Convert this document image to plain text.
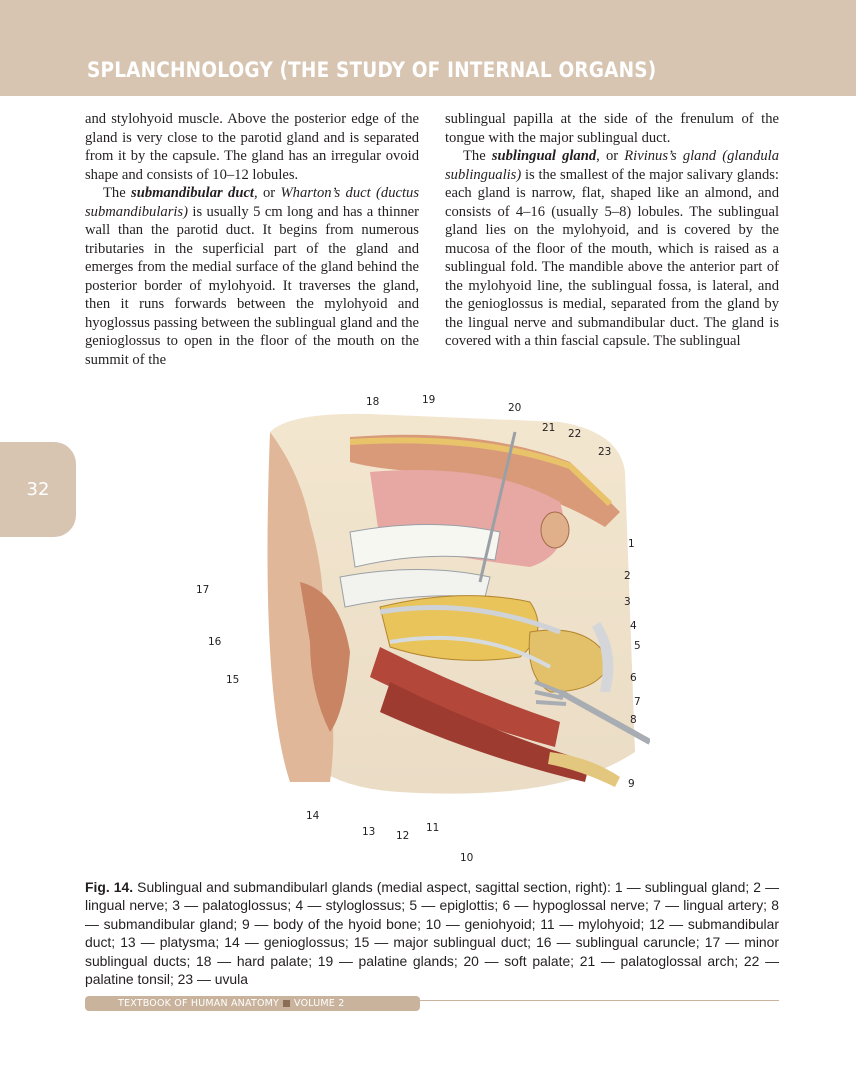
SPLANCHNOLOGY (THE STUDY OF INTERNAL ORGANS)
32

and stylohyoid muscle. Above the posterior edge of the gland is very close to the parotid gland and is separated from it by the capsule. The gland has an irregular ovoid shape and consists of 10–12 lobules.

The submandibular duct, or Wharton’s duct (ductus submandibularis) is usually 5 cm long and has a thinner wall than the parotid duct. It begins from numerous tributaries in the superficial part of the gland and emerges from the medial surface of the gland behind the posterior border of mylohyoid. It traverses the gland, then it runs forwards between the mylohyoid and hyoglossus passing between the sublingual gland and the genioglossus to open in the floor of the mouth on the summit of the

sublingual papilla at the side of the frenulum of the tongue with the major sublingual duct.

The sublingual gland, or Rivinus’s gland (glandula sublingualis) is the smallest of the major salivary glands: each gland is narrow, flat, shaped like an almond, and consists of 4–16 (usually 5–8) lobules. The sublingual gland lies on the mylohyoid, and is covered by the mucosa of the floor of the mouth, which is raised as a sublingual fold. The mandible above the anterior part of the mylohyoid line, the sublingual fossa, is lateral, and the genioglossus is medial, separated from the gland by the lingual nerve and submandibular duct. The gland is covered with a thin fascial capsule. The sublingual

18	19
20
21 22
23
1
2
3
4
5
6
7
8
9
10
11
12
13
14
15
16
17
Fig. 14. Sublingual and submandibularl glands (medial aspect, sagittal section, right): 1 — sublingual gland; 2 — lingual nerve; 3 — palatoglossus; 4 — styloglossus; 5 — epiglottis; 6 — hypoglossal nerve; 7 — lingual artery; 8 — submandibular gland; 9 — body of the hyoid bone; 10 — geniohyoid; 11 — mylohyoid; 12 — submandibular duct; 13 — platysma; 14 — genioglossus; 15 — major sublingual duct; 16 — sublingual caruncle; 17 — minor sublingual ducts; 18 — hard palate; 19 — palatine glands; 20 — soft palate; 21 — palatoglossal arch; 22 — palatine tonsil; 23 — uvula
TEXTBOOK OF HUMAN ANATOMY VOLUME 2
